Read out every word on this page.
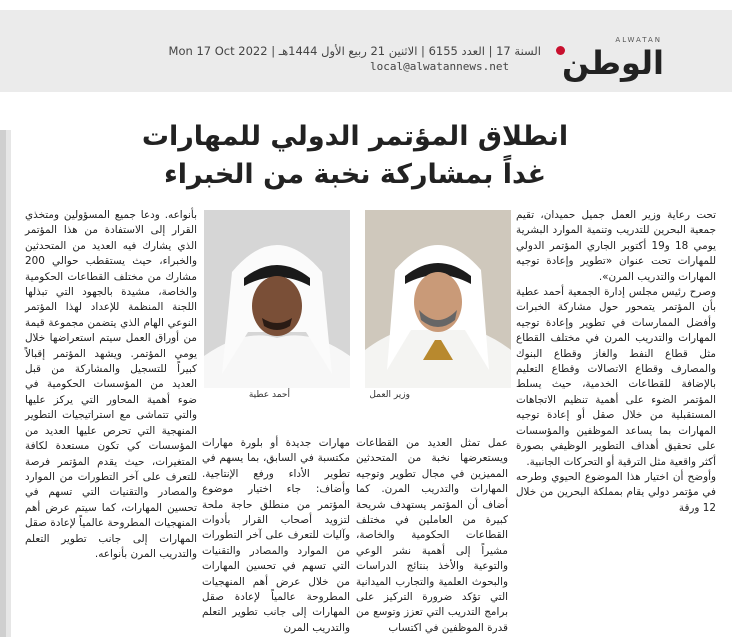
ALWATAN
الوطن
السنة 17 | العدد 6155 | الاثنين 21 ربيع الأول 1444هـ | Mon 17 Oct 2022
local@alwatannews.net
انطلاق المؤتمر الدولي للمهارات
غداً بمشاركة نخبة من الخبراء

تحت رعاية وزير العمل جميل حميدان، تقيم جمعية البحرين للتدريب وتنمية الموارد البشرية يومي 18 و19 أكتوبر الجاري المؤتمر الدولي للمهارات تحت عنوان «تطوير وإعادة توجيه المهارات والتدريب المرن».

وصرح رئيس مجلس إدارة الجمعية أحمد عطية بأن المؤتمر يتمحور حول مشاركة الخبرات وأفضل الممارسات في تطوير وإعادة توجيه المهارات والتدريب المرن في مختلف القطاع مثل قطاع النفط والغاز وقطاع البنوك والمصارف وقطاع الاتصالات وقطاع التعليم بالإضافة للقطاعات الخدمية، حيث يسلط المؤتمر الضوء على أهمية تنظيم الاتجاهات المستقبلية من خلال صقل أو إعادة توجيه المهارات بما يساعد الموظفين والمؤسسات على تحقيق أهداف التطوير الوظيفي بصورة أكثر واقعية مثل الترقية أو التحركات الجانبية.

وأوضح أن اختيار هذا الموضوع الحيوي وطرحه في مؤتمر دولي يقام بمملكة البحرين من خلال 12 ورقة

وزير العمل
أحمد عطية

عمل تمثل العديد من القطاعات ويستعرضها نخبة من المتحدثين المميزين في مجال تطوير وتوجيه المهارات والتدريب المرن. كما أضاف أن المؤتمر يستهدف شريحة كبيرة من العاملين في مختلف القطاعات الحكومية والخاصة، مشيراً إلى أهمية نشر الوعي والتوعية والأخذ بنتائج الدراسات والبحوث العلمية والتجارب الميدانية التي تؤكد ضرورة التركيز على برامج التدريب التي تعزز وتوسع من قدرة الموظفين في اكتساب

مهارات جديدة أو بلورة مهارات مكتسبة في السابق، بما يسهم في تطوير الأداء ورفع الإنتاجية. وأضاف: جاء اختيار موضوع المؤتمر من منطلق حاجة ملحة لتزويد أصحاب القرار بأدوات وآليات للتعرف على آخر التطورات من الموارد والمصادر والتقنيات التي تسهم في تحسين المهارات من خلال عرض أهم المنهجيات المطروحة عالمياً لإعادة صقل المهارات إلى جانب تطوير التعلم والتدريب المرن

بأنواعه. ودعا جميع المسؤولين ومتخذي القرار إلى الاستفادة من هذا المؤتمر الذي يشارك فيه العديد من المتحدثين والخبراء، حيث يستقطب حوالي 200 مشارك من مختلف القطاعات الحكومية والخاصة، مشيدة بالجهود التي تبذلها اللجنة المنظمة للإعداد لهذا المؤتمر النوعي الهام الذي يتضمن مجموعة قيمة من أوراق العمل سيتم استعراضها خلال يومي المؤتمر. ويشهد المؤتمر إقبالاً كبيراً للتسجيل والمشاركة من قبل العديد من المؤسسات الحكومية في ضوء أهمية المحاور التي يركز عليها والتي تتماشى مع استراتيجيات التطوير المنهجية التي تحرص عليها العديد من المؤسسات كي تكون مستعدة لكافة المتغيرات، حيث يقدم المؤتمر فرصة للتعرف على آخر التطورات من الموارد والمصادر والتقنيات التي تسهم في تحسين المهارات، كما سيتم عرض أهم المنهجيات المطروحة عالمياً لإعادة صقل المهارات إلى جانب تطوير التعلم والتدريب المرن بأنواعه.
